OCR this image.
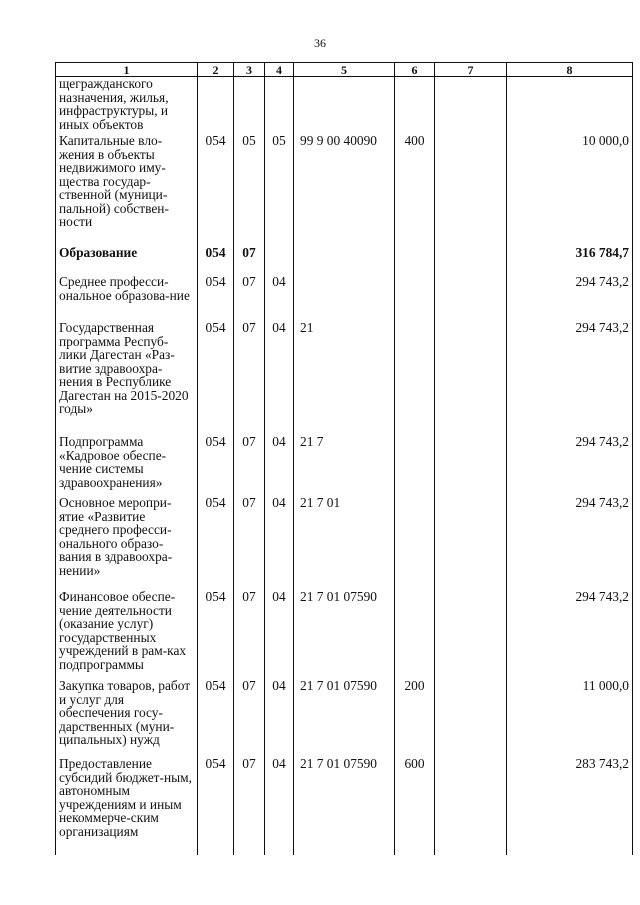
36
1	2	3	4	5	6	7	8
щегражданского назначения, жилья, инфраструктуры, и иных объектов							
Капитальные вло-жения в объекты недвижимого иму-щества государ-ственной (муници-пальной) собствен-ности	054	05	05	99 9 00 40090	400		10 000,0
Образование	054	07					316 784,7
Среднее професси-ональное образова-ние	054	07	04				294 743,2
Государственная программа Респуб-лики Дагестан «Раз-витие здравоохра-нения в Республике Дагестан на 2015-2020 годы»	054	07	04	21			294 743,2
Подпрограмма «Кадровое обеспе-чение системы здравоохранения»	054	07	04	21 7			294 743,2
Основное меропри-ятие «Развитие среднего професси-онального образо-вания в здравоохра-нении»	054	07	04	21 7 01			294 743,2
Финансовое обеспе-чение деятельности (оказание услуг) государственных учреждений в рам-ках подпрограммы	054	07	04	21 7 01 07590			294 743,2
Закупка товаров, работ и услуг для обеспечения госу-дарственных (муни-ципальных) нужд	054	07	04	21 7 01 07590	200		11 000,0
Предоставление субсидий бюджет-ным, автономным учреждениям и иным некоммерче-ским организациям	054	07	04	21 7 01 07590	600		283 743,2
